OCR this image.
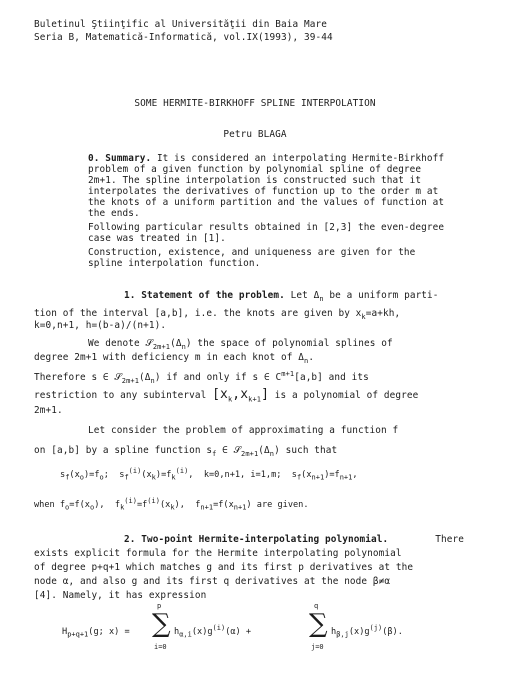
Buletinul Ştiinţific al Universităţii din Baia Mare
Seria B, Matematică-Informatică, vol.IX(1993), 39-44
SOME HERMITE-BIRKHOFF SPLINE INTERPOLATION
Petru BLAGA
0. Summary. It is considered an interpolating Hermite-Birkhoff
problem of a given function by polynomial spline of degree
2m+1. The spline interpolation is constructed such that it
interpolates the derivatives of function up to the order m at
the knots of a uniform partition and the values of function at
the ends.
Following particular results obtained in [2,3] the even-degree
case was treated in [1].
Construction, existence, and uniqueness are given for the
spline interpolation function.
1. Statement of the problem. Let $\Delta_n$ be a uniform parti-
tion of the interval [a,b], i.e. the knots are given by $x_k=a+kh$,
k=0,n+1, h=(b-a)/(n+1).
We denote $𝒮_{2m+1}(\Delta_n)$ the space of polynomial splines of
degree 2m+1 with deficiency m in each knot of $\Delta_n$.
Therefore s ∈ $𝒮_{2m+1}(\Delta_n)$ if and only if s ∈ $C^{m+1}[a,b]$ and its
restriction to any subinterval $[x_k,x_{k+1}]$ is a polynomial of degree
2m+1.
Let consider the problem of approximating a function f
on [a,b] by a spline function $s_f$ ∈ $𝒮_{2m+1}(\Delta_n)$ such that
$s_f(x_o)=f_o$;  $s_f^{(i)}(x_k)=f_k^{(i)}$,  k=0,n+1, i=1,m;  $s_f(x_{n+1})=f_{n+1}$,
when $f_o=f(x_o)$,  $f_k^{(i)}=f^{(i)}(x_k)$,  $f_{n+1}=f(x_{n+1})$ are given.
2. Two-point Hermite-interpolating polynomial.	There
exists explicit formula for the Hermite interpolating polynomial
of degree p+q+1 which matches g and its first p derivatives at the
node α, and also g and its first q derivatives at the node β≠α
[4]. Namely, it has expression
$H_{p+q+1}(g$; x) =
p
∑
i=0
$h_{\alpha,i}(x)g^{(i)}(\alpha)$ +
q
∑
j=0
$h_{\beta,j}(x)g^{(j)}(\beta)$.
